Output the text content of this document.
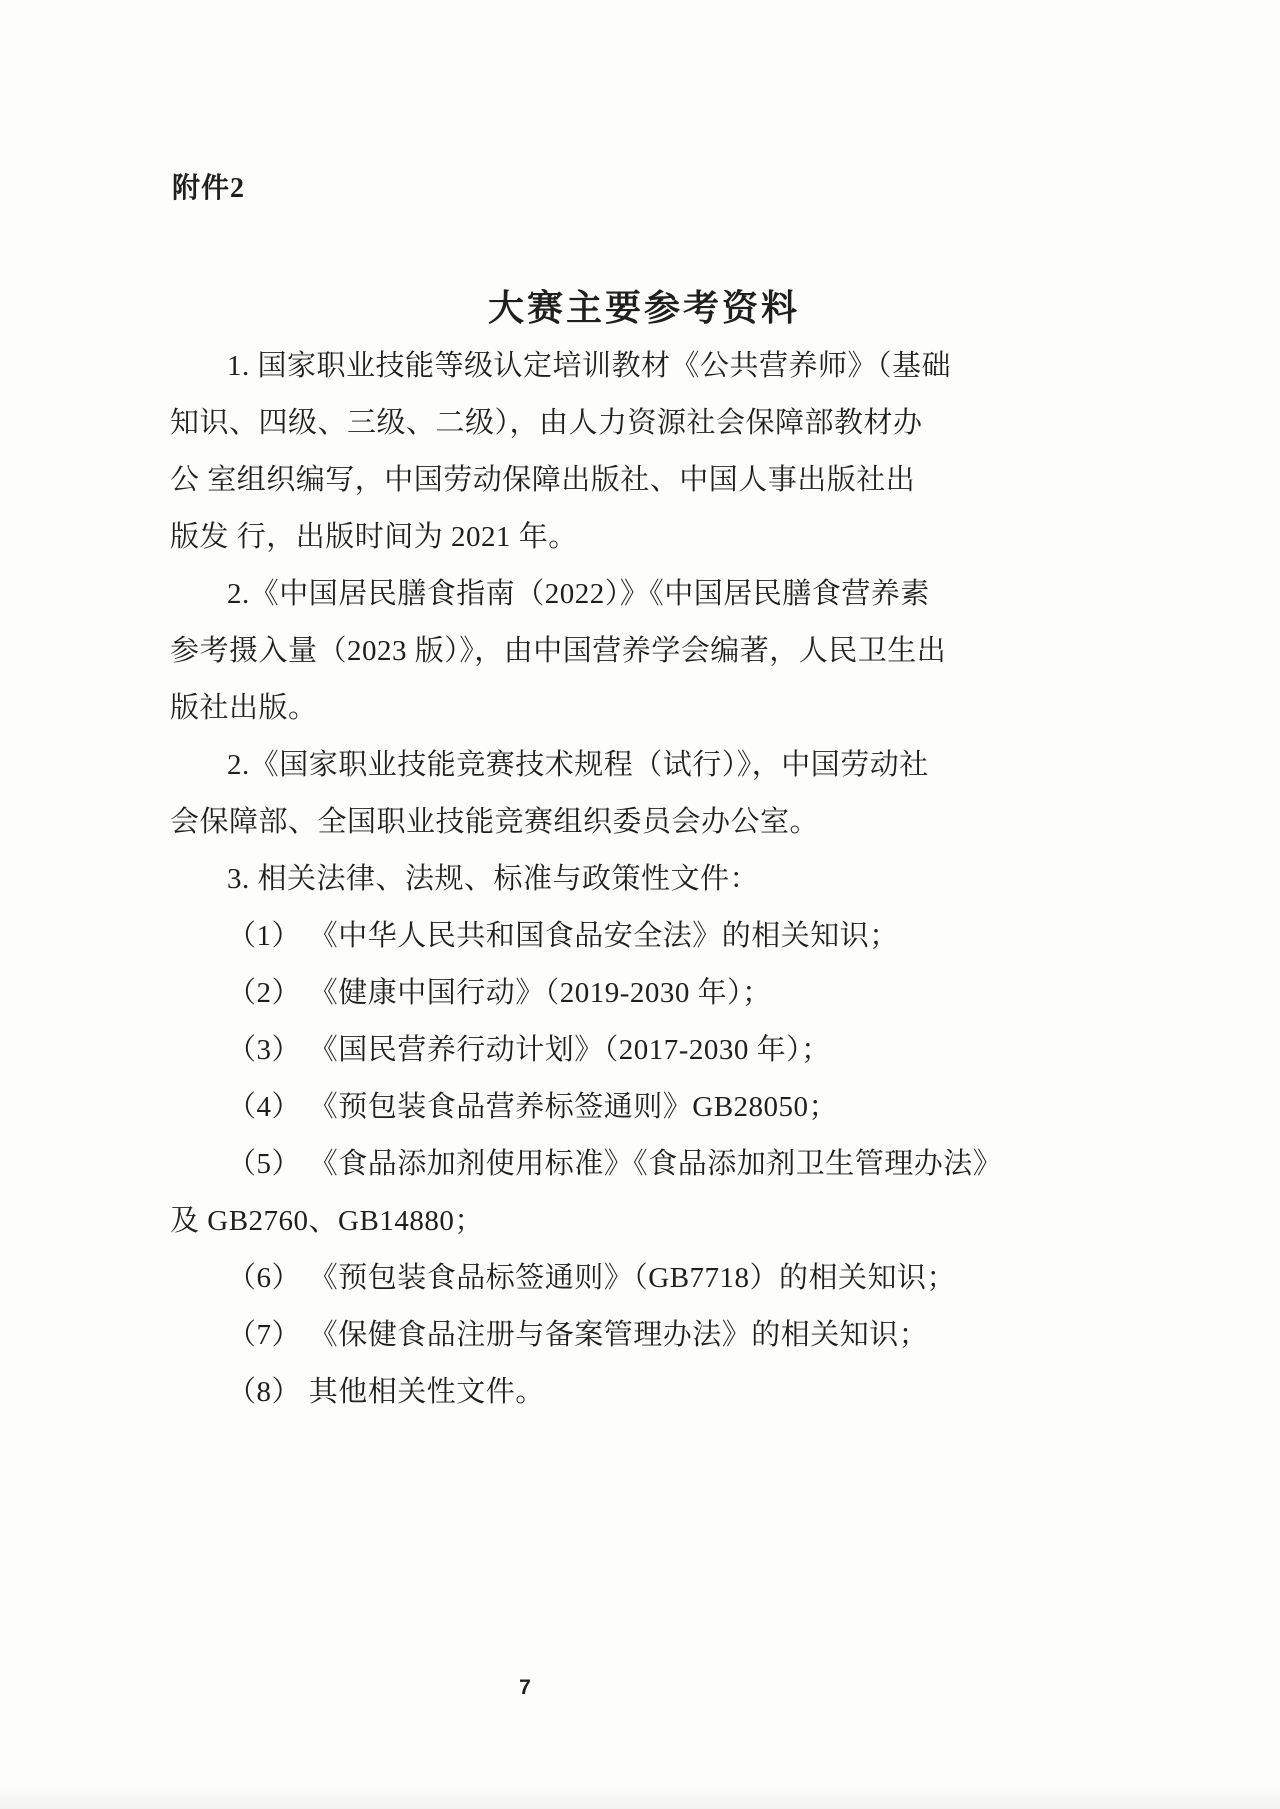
附件2
大赛主要参考资料
1. 国家职业技能等级认定培训教材《公共营养师》（基础
知识、四级、三级、二级），由人力资源社会保障部教材办
公 室组织编写，中国劳动保障出版社、中国人事出版社出
版发 行，出版时间为 2021 年。
2.《中国居民膳食指南（2022）》《中国居民膳食营养素
参考摄入量（2023 版）》，由中国营养学会编著，人民卫生出
版社出版。
2.《国家职业技能竞赛技术规程（试行）》，中国劳动社
会保障部、全国职业技能竞赛组织委员会办公室。
3. 相关法律、法规、标准与政策性文件：
（1） 《中华人民共和国食品安全法》的相关知识；
（2） 《健康中国行动》（2019-2030 年）；
（3） 《国民营养行动计划》（2017-2030 年）；
（4） 《预包装食品营养标签通则》GB28050；
（5） 《食品添加剂使用标准》《食品添加剂卫生管理办法》
及 GB2760、GB14880；
（6） 《预包装食品标签通则》（GB7718）的相关知识；
（7） 《保健食品注册与备案管理办法》的相关知识；
（8） 其他相关性文件。
7
